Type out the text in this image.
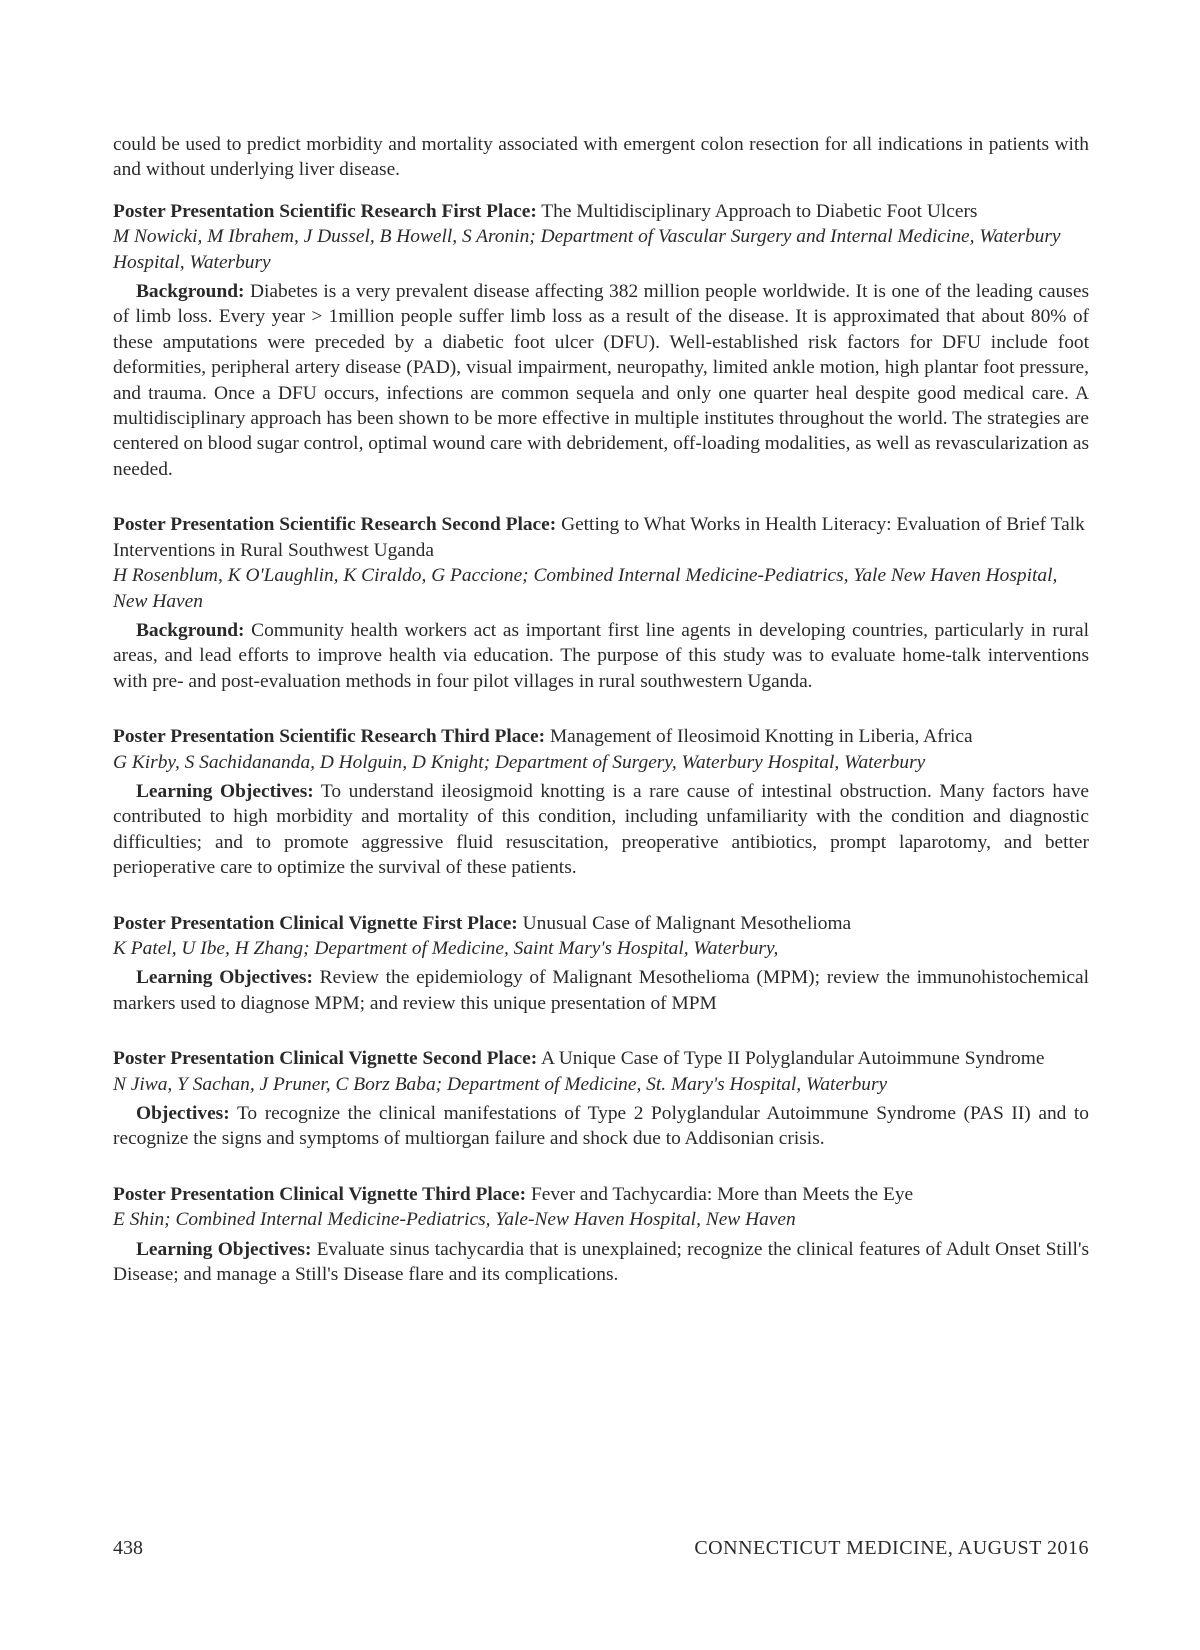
could be used to predict morbidity and mortality associated with emergent colon resection for all indications in patients with and without underlying liver disease.

Poster Presentation Scientific Research First Place: The Multidisciplinary Approach to Diabetic Foot Ulcers

M Nowicki, M Ibrahem, J Dussel, B Howell, S Aronin; Department of Vascular Surgery and Internal Medicine, Waterbury Hospital, Waterbury

Background: Diabetes is a very prevalent disease affecting 382 million people worldwide. It is one of the leading causes of limb loss. Every year > 1million people suffer limb loss as a result of the disease. It is approximated that about 80% of these amputations were preceded by a diabetic foot ulcer (DFU). Well-established risk factors for DFU include foot deformities, peripheral artery disease (PAD), visual impairment, neuropathy, limited ankle motion, high plantar foot pressure, and trauma. Once a DFU occurs, infections are common sequela and only one quarter heal despite good medical care. A multidisciplinary approach has been shown to be more effective in multiple institutes throughout the world. The strategies are centered on blood sugar control, optimal wound care with debridement, off-loading modalities, as well as revascularization as needed.

Poster Presentation Scientific Research Second Place: Getting to What Works in Health Literacy: Evaluation of Brief Talk Interventions in Rural Southwest Uganda

H Rosenblum, K O'Laughlin, K Ciraldo, G Paccione; Combined Internal Medicine-Pediatrics, Yale New Haven Hospital, New Haven

Background: Community health workers act as important first line agents in developing countries, particularly in rural areas, and lead efforts to improve health via education. The purpose of this study was to evaluate home-talk interventions with pre- and post-evaluation methods in four pilot villages in rural southwestern Uganda.

Poster Presentation Scientific Research Third Place: Management of Ileosimoid Knotting in Liberia, Africa

G Kirby, S Sachidananda, D Holguin, D Knight; Department of Surgery, Waterbury Hospital, Waterbury

Learning Objectives: To understand ileosigmoid knotting is a rare cause of intestinal obstruction. Many factors have contributed to high morbidity and mortality of this condition, including unfamiliarity with the condition and diagnostic difficulties; and to promote aggressive fluid resuscitation, preoperative antibiotics, prompt laparotomy, and better perioperative care to optimize the survival of these patients.

Poster Presentation Clinical Vignette First Place: Unusual Case of Malignant Mesothelioma

K Patel, U Ibe, H Zhang; Department of Medicine, Saint Mary's Hospital, Waterbury,

Learning Objectives: Review the epidemiology of Malignant Mesothelioma (MPM); review the immunohistochemical markers used to diagnose MPM; and review this unique presentation of MPM

Poster Presentation Clinical Vignette Second Place: A Unique Case of Type II Polyglandular Autoimmune Syndrome

N Jiwa, Y Sachan, J Pruner, C Borz Baba; Department of Medicine, St. Mary's Hospital, Waterbury

Objectives: To recognize the clinical manifestations of Type 2 Polyglandular Autoimmune Syndrome (PAS II) and to recognize the signs and symptoms of multiorgan failure and shock due to Addisonian crisis.

Poster Presentation Clinical Vignette Third Place: Fever and Tachycardia: More than Meets the Eye

E Shin; Combined Internal Medicine-Pediatrics, Yale-New Haven Hospital, New Haven

Learning Objectives: Evaluate sinus tachycardia that is unexplained; recognize the clinical features of Adult Onset Still's Disease; and manage a Still's Disease flare and its complications.

438	CONNECTICUT MEDICINE, AUGUST 2016
